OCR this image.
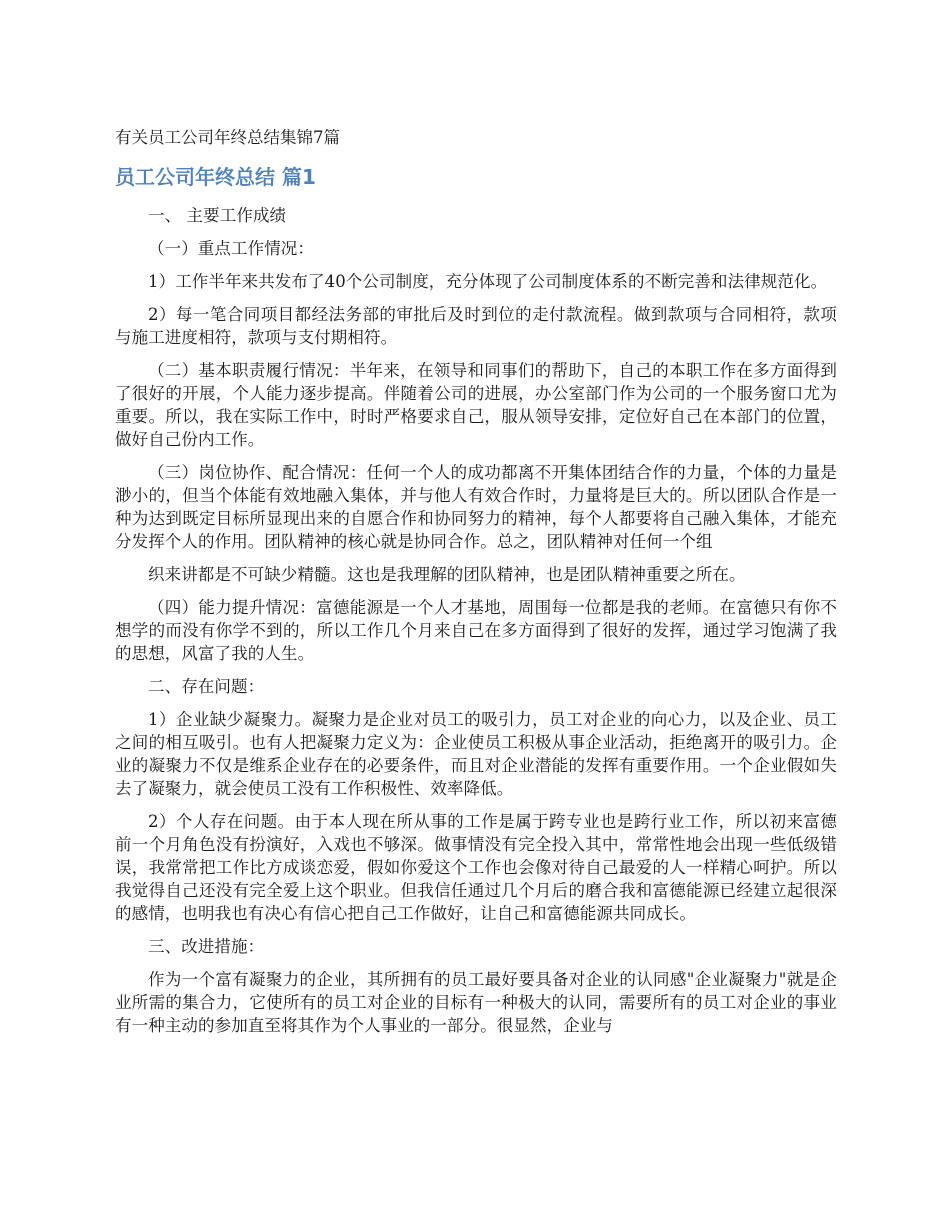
有关员工公司年终总结集锦7篇

员工公司年终总结 篇1

一、 主要工作成绩

（一）重点工作情况：

1）工作半年来共发布了40个公司制度，充分体现了公司制度体系的不断完善和法律规范化。

2）每一笔合同项目都经法务部的审批后及时到位的走付款流程。做到款项与合同相符，款项与施工进度相符，款项与支付期相符。

（二）基本职责履行情况：半年来，在领导和同事们的帮助下，自己的本职工作在多方面得到了很好的开展，个人能力逐步提高。伴随着公司的进展，办公室部门作为公司的一个服务窗口尤为重要。所以，我在实际工作中，时时严格要求自己，服从领导安排，定位好自己在本部门的位置，做好自己份内工作。

（三）岗位协作、配合情况：任何一个人的成功都离不开集体团结合作的力量，个体的力量是渺小的，但当个体能有效地融入集体，并与他人有效合作时，力量将是巨大的。所以团队合作是一种为达到既定目标所显现出来的自愿合作和协同努力的精神，每个人都要将自己融入集体，才能充分发挥个人的作用。团队精神的核心就是协同合作。总之，团队精神对任何一个组

织来讲都是不可缺少精髓。这也是我理解的团队精神，也是团队精神重要之所在。

（四）能力提升情况：富德能源是一个人才基地，周围每一位都是我的老师。在富德只有你不想学的而没有你学不到的，所以工作几个月来自己在多方面得到了很好的发挥，通过学习饱满了我的思想，风富了我的人生。

二、存在问题：

1）企业缺少凝聚力。凝聚力是企业对员工的吸引力，员工对企业的向心力，以及企业、员工之间的相互吸引。也有人把凝聚力定义为：企业使员工积极从事企业活动，拒绝离开的吸引力。企业的凝聚力不仅是维系企业存在的必要条件，而且对企业潜能的发挥有重要作用。一个企业假如失去了凝聚力，就会使员工没有工作积极性、效率降低。

2）个人存在问题。由于本人现在所从事的工作是属于跨专业也是跨行业工作，所以初来富德前一个月角色没有扮演好，入戏也不够深。做事情没有完全投入其中，常常性地会出现一些低级错误，我常常把工作比方成谈恋爱，假如你爱这个工作也会像对待自己最爱的人一样精心呵护。所以我觉得自己还没有完全爱上这个职业。但我信任通过几个月后的磨合我和富德能源已经建立起很深的感情，也明我也有决心有信心把自己工作做好，让自己和富德能源共同成长。

三、改进措施：

作为一个富有凝聚力的企业，其所拥有的员工最好要具备对企业的认同感"企业凝聚力"就是企业所需的集合力，它使所有的员工对企业的目标有一种极大的认同，需要所有的员工对企业的事业有一种主动的参加直至将其作为个人事业的一部分。很显然，企业与
